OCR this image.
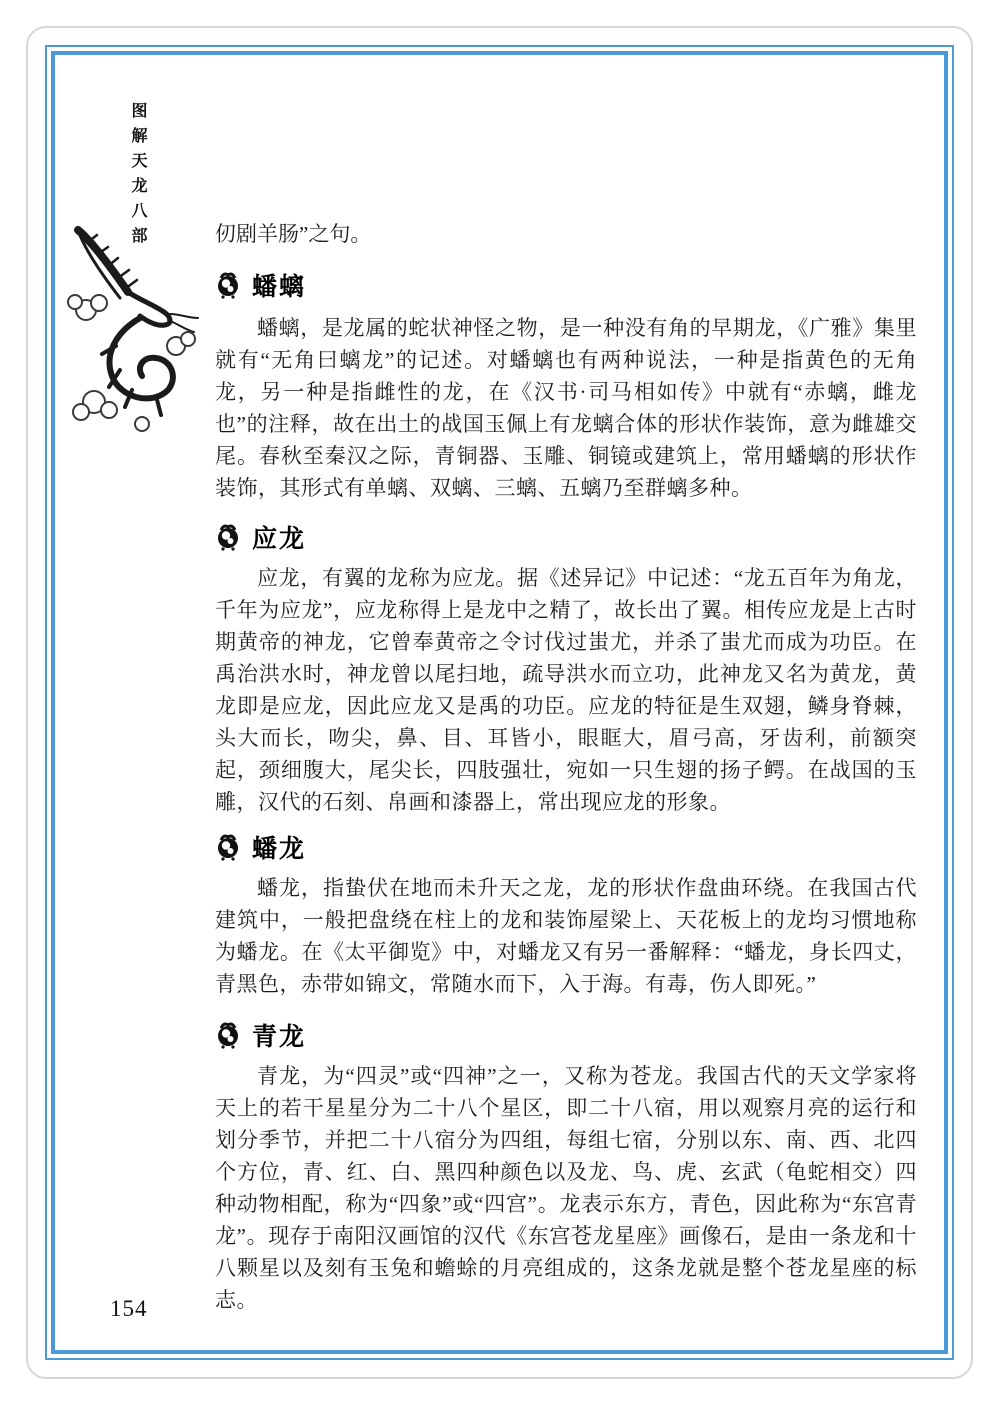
图解天龙八部	仞剧羊肠”之句。

蟠螭

蟠螭，是龙属的蛇状神怪之物，是一种没有角的早期龙，《广雅》集里就有“无角曰螭龙”的记述。对蟠螭也有两种说法，一种是指黄色的无角龙，另一种是指雌性的龙，在《汉书·司马相如传》中就有“赤螭，雌龙也”的注释，故在出土的战国玉佩上有龙螭合体的形状作装饰，意为雌雄交尾。春秋至秦汉之际，青铜器、玉雕、铜镜或建筑上，常用蟠螭的形状作装饰，其形式有单螭、双螭、三螭、五螭乃至群螭多种。

应龙

应龙，有翼的龙称为应龙。据《述异记》中记述：“龙五百年为角龙，千年为应龙”，应龙称得上是龙中之精了，故长出了翼。相传应龙是上古时期黄帝的神龙，它曾奉黄帝之令讨伐过蚩尤，并杀了蚩尤而成为功臣。在禹治洪水时，神龙曾以尾扫地，疏导洪水而立功，此神龙又名为黄龙，黄龙即是应龙，因此应龙又是禹的功臣。应龙的特征是生双翅，鳞身脊棘，头大而长，吻尖，鼻、目、耳皆小，眼眶大，眉弓高，牙齿利，前额突起，颈细腹大，尾尖长，四肢强壮，宛如一只生翅的扬子鳄。在战国的玉雕，汉代的石刻、帛画和漆器上，常出现应龙的形象。

蟠龙

蟠龙，指蛰伏在地而未升天之龙，龙的形状作盘曲环绕。在我国古代建筑中，一般把盘绕在柱上的龙和装饰屋梁上、天花板上的龙均习惯地称为蟠龙。在《太平御览》中，对蟠龙又有另一番解释：“蟠龙，身长四丈，青黑色，赤带如锦文，常随水而下，入于海。有毒，伤人即死。”

青龙

青龙，为“四灵”或“四神”之一，又称为苍龙。我国古代的天文学家将天上的若干星星分为二十八个星区，即二十八宿，用以观察月亮的运行和划分季节，并把二十八宿分为四组，每组七宿，分别以东、南、西、北四个方位，青、红、白、黑四种颜色以及龙、鸟、虎、玄武（龟蛇相交）四种动物相配，称为“四象”或“四宫”。龙表示东方，青色，因此称为“东宫青龙”。现存于南阳汉画馆的汉代《东宫苍龙星座》画像石，是由一条龙和十八颗星以及刻有玉兔和蟾蜍的月亮组成的，这条龙就是整个苍龙星座的标志。

154
